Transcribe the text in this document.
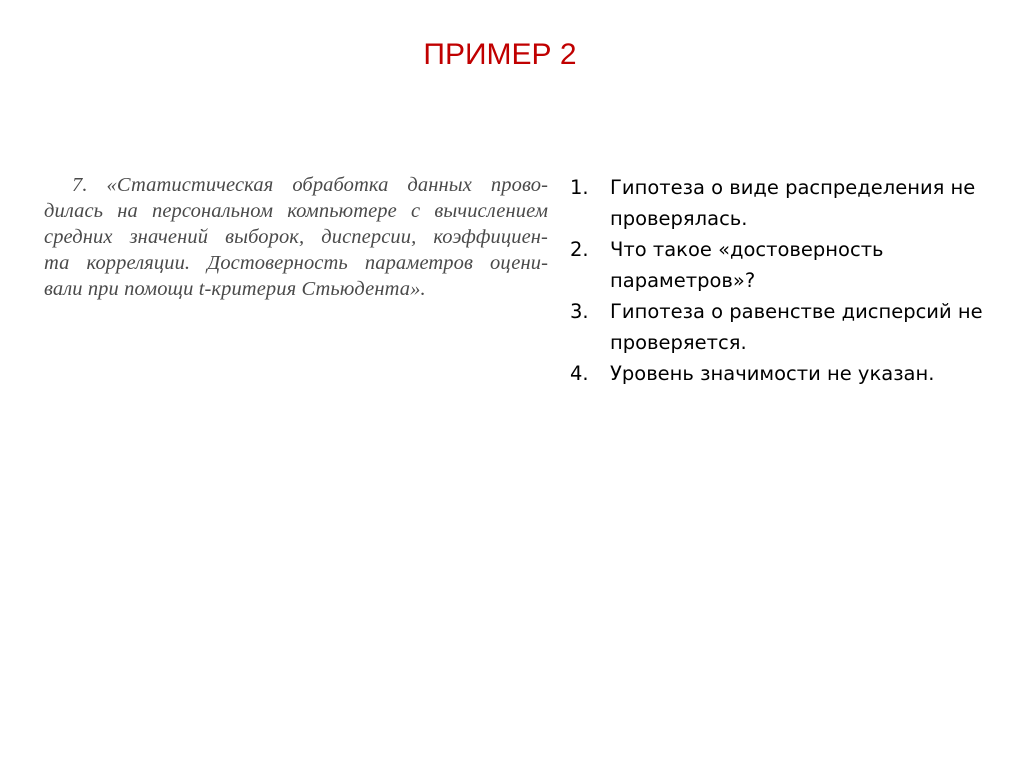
ПРИМЕР 2
7. «Статистическая обработка данных прово-
дилась на персональном компьютере с вычислением
средних значений выборок, дисперсии, коэффициен-
та корреляции. Достоверность параметров оцени-
вали при помощи t-критерия Стьюдента».
1. Гипотеза о виде распределения не проверялась.
2. Что такое «достоверность параметров»?
3. Гипотеза о равенстве дисперсий не проверяется.
4. Уровень значимости не указан.
